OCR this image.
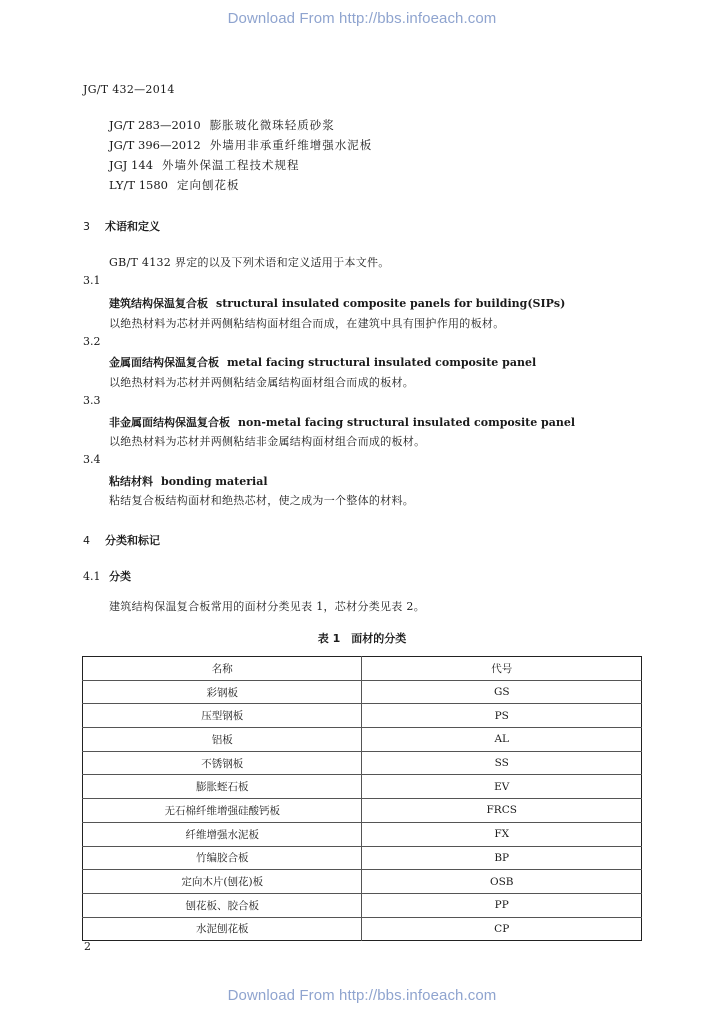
Download From http://bbs.infoeach.com
JG/T 432—2014
JG/T 283—2010 膨胀玻化微珠轻质砂浆
JG/T 396—2012 外墙用非承重纤维增强水泥板
JGJ 144 外墙外保温工程技术规程
LY/T 1580 定向刨花板
3 术语和定义
GB/T 4132 界定的以及下列术语和定义适用于本文件。
3.1
建筑结构保温复合板 structural insulated composite panels for building(SIPs)
以绝热材料为芯材并两侧粘结构面材组合而成，在建筑中具有围护作用的板材。
3.2
金属面结构保温复合板 metal facing structural insulated composite panel
以绝热材料为芯材并两侧粘结金属结构面材组合而成的板材。
3.3
非金属面结构保温复合板 non-metal facing structural insulated composite panel
以绝热材料为芯材并两侧粘结非金属结构面材组合而成的板材。
3.4
粘结材料 bonding material
粘结复合板结构面材和绝热芯材，使之成为一个整体的材料。
4 分类和标记
4.1 分类
建筑结构保温复合板常用的面材分类见表 1，芯材分类见表 2。
表 1　面材的分类
名称	代号
彩钢板	GS
压型钢板	PS
铝板	AL
不锈钢板	SS
膨胀蛭石板	EV
无石棉纤维增强硅酸钙板	FRCS
纤维增强水泥板	FX
竹编胶合板	BP
定向木片(刨花)板	OSB
刨花板、胶合板	PP
水泥刨花板	CP
2
Download From http://bbs.infoeach.com
